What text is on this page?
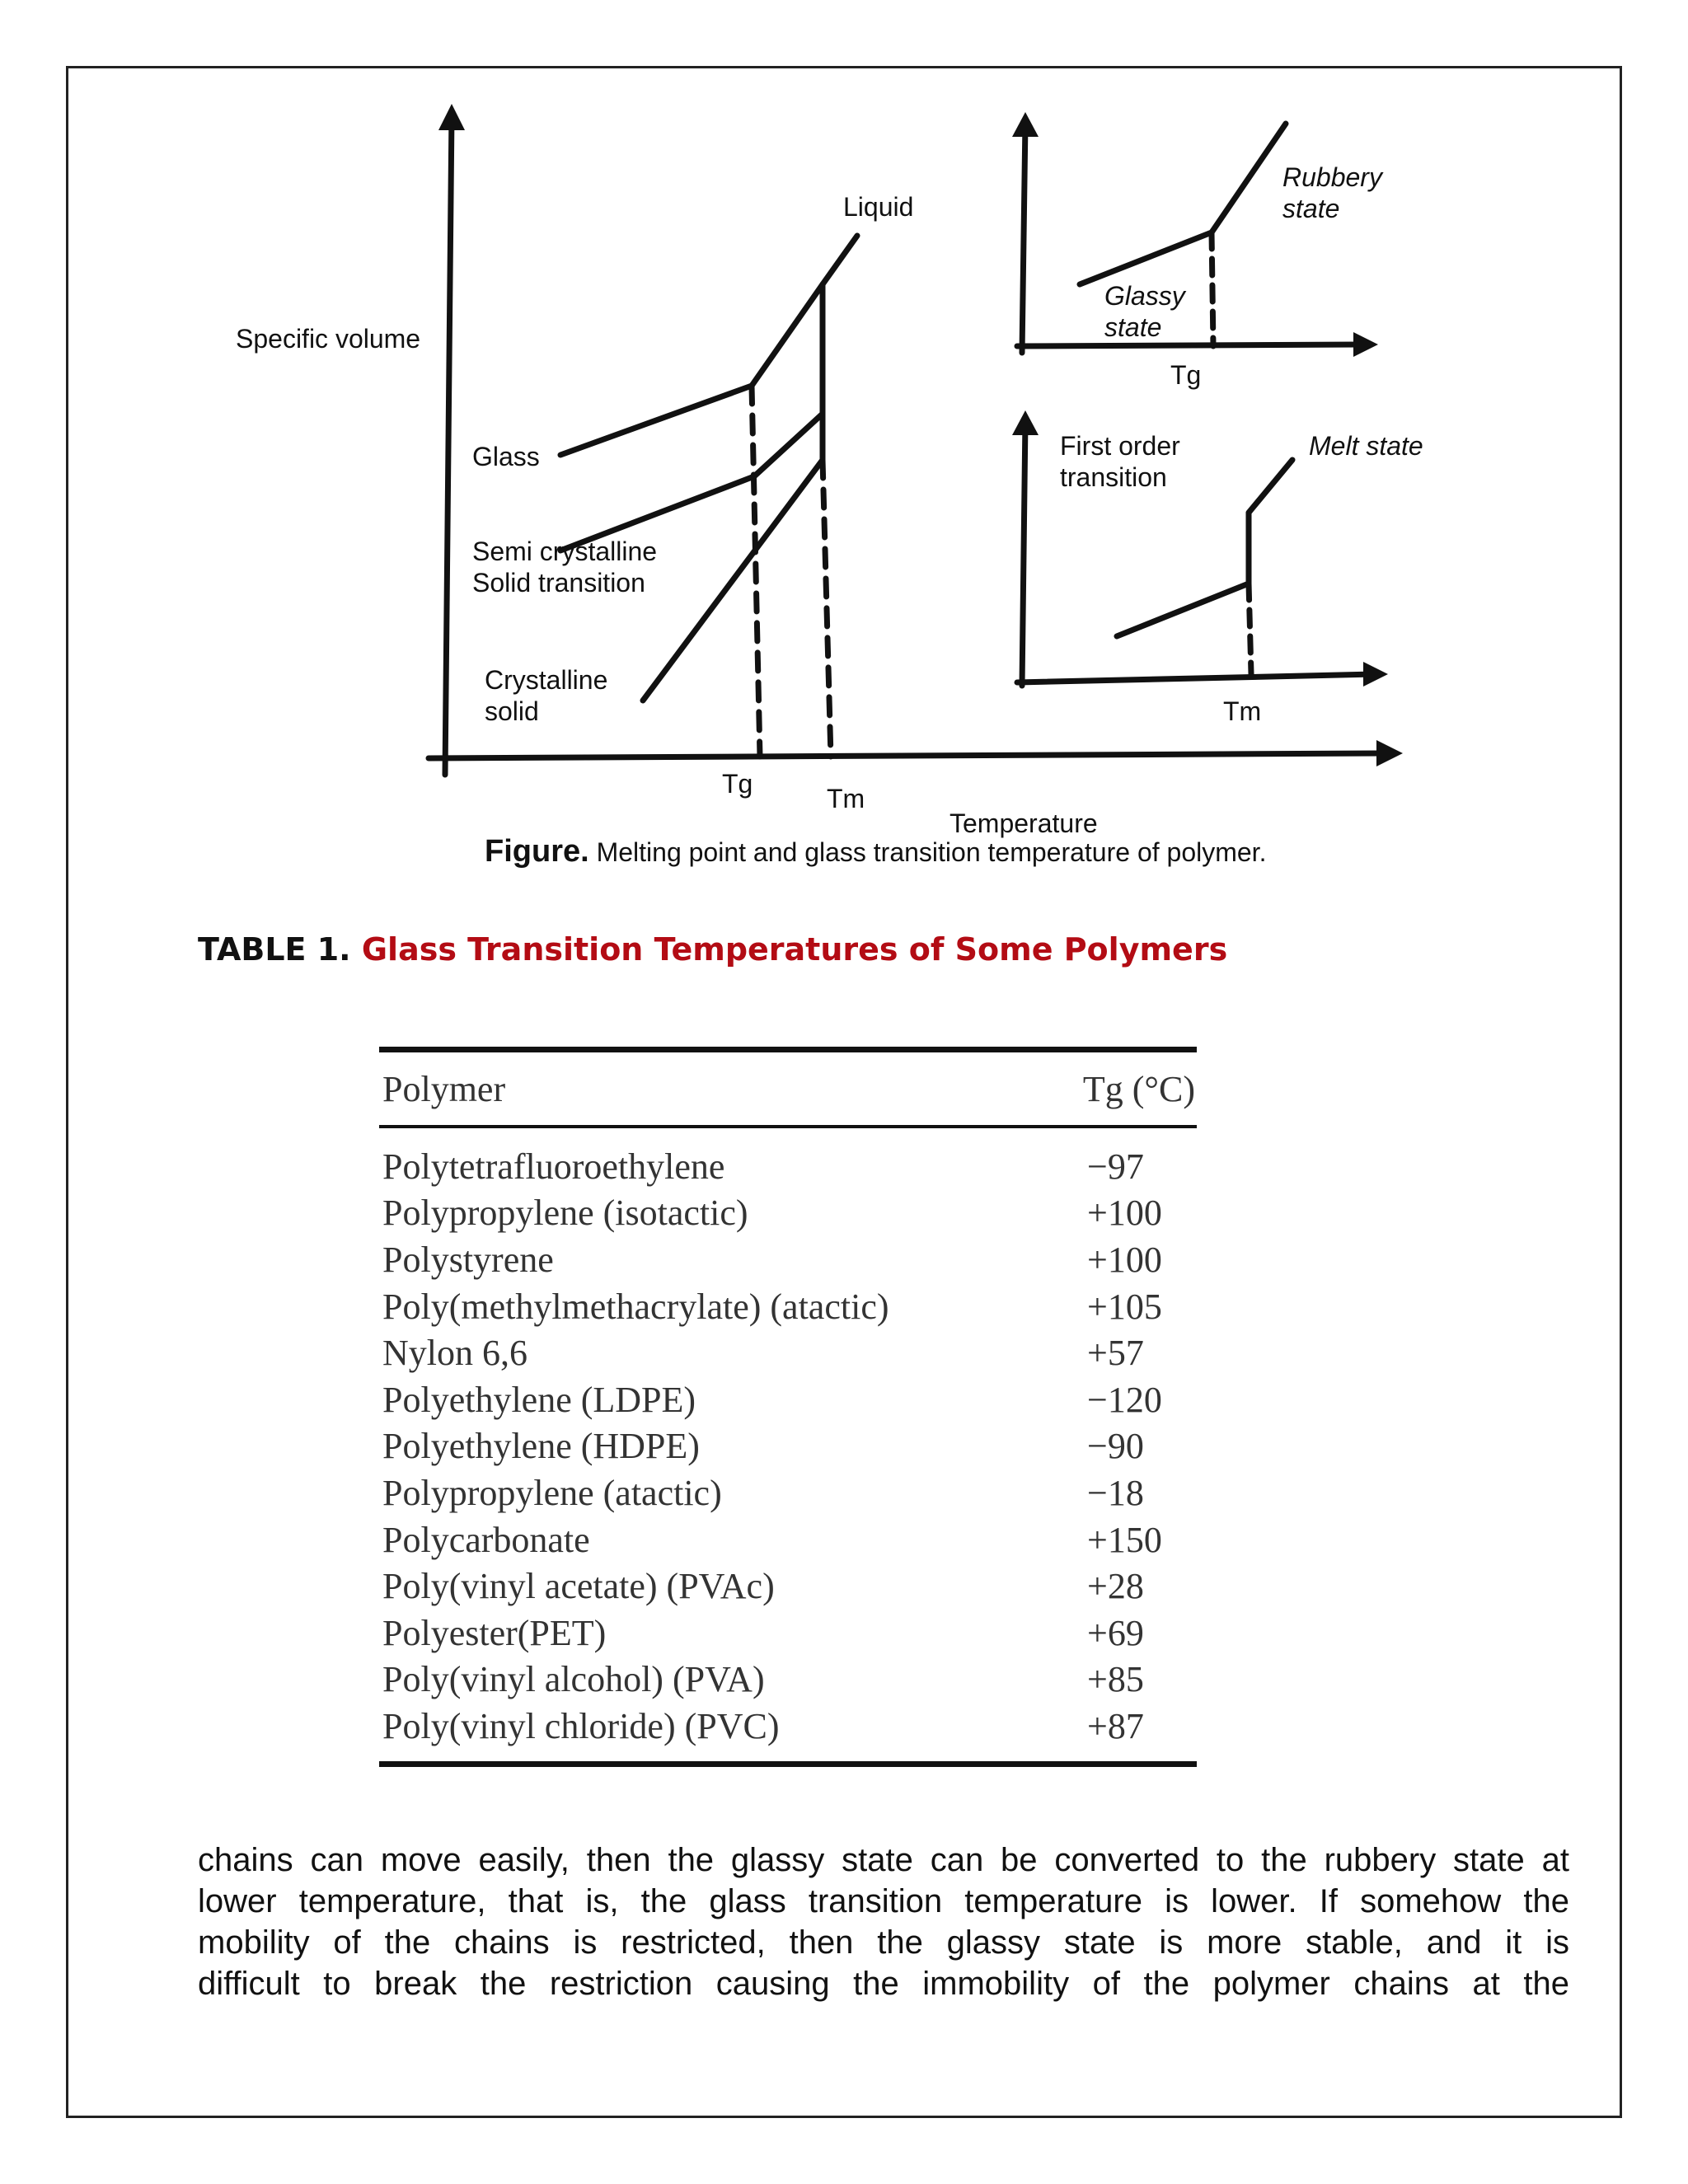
Specific volume
Liquid
Glass
Semi crystalline
Solid transition
Crystalline
solid
Tg	Tm
Temperature
Rubbery
state
Glassy
state
Tg
First order
transition
Melt state
Tm
Figure. Melting point and glass transition temperature of polymer.
TABLE 1. Glass Transition Temperatures of Some Polymers
Polymer	Tg (°C)
Polytetrafluoroethylene	−97
Polypropylene (isotactic)	+100
Polystyrene	+100
Poly(methylmethacrylate) (atactic)	+105
Nylon 6,6	+57
Polyethylene (LDPE)	−120
Polyethylene (HDPE)	−90
Polypropylene (atactic)	−18
Polycarbonate	+150
Poly(vinyl acetate) (PVAc)	+28
Polyester(PET)	+69
Poly(vinyl alcohol) (PVA)	+85
Poly(vinyl chloride) (PVC)	+87
chains can move easily, then the glassy state can be converted to the rubbery state at
lower temperature, that is, the glass transition temperature is lower. If somehow the
mobility of the chains is restricted, then the glassy state is more stable, and it is
difficult to break the restriction causing the immobility of the polymer chains at the
